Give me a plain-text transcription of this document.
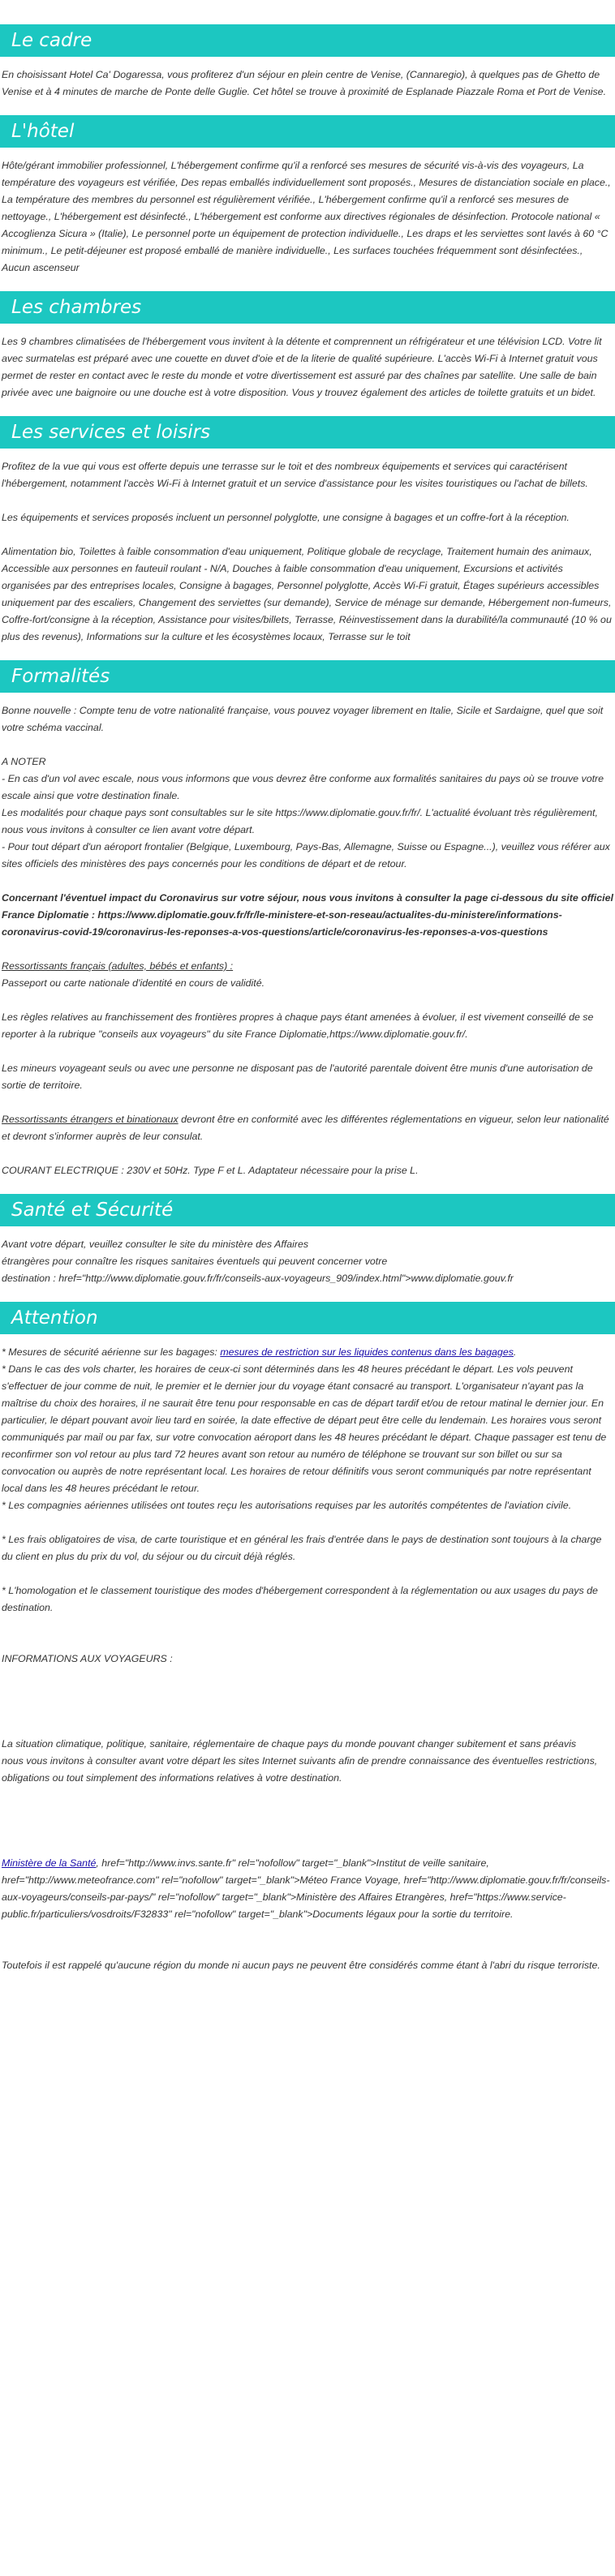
Le cadre
En choisissant Hotel Ca' Dogaressa, vous profiterez d'un séjour en plein centre de Venise, (Cannaregio), à quelques pas de Ghetto de Venise et à 4 minutes de marche de Ponte delle Guglie. Cet hôtel se trouve à proximité de Esplanade Piazzale Roma et Port de Venise.
L'hôtel
Hôte/gérant immobilier professionnel, L'hébergement confirme qu'il a renforcé ses mesures de sécurité vis-à-vis des voyageurs, La température des voyageurs est vérifiée, Des repas emballés individuellement sont proposés., Mesures de distanciation sociale en place., La température des membres du personnel est régulièrement vérifiée., L'hébergement confirme qu'il a renforcé ses mesures de nettoyage., L'hébergement est désinfecté., L'hébergement est conforme aux directives régionales de désinfection. Protocole national « Accoglienza Sicura » (Italie), Le personnel porte un équipement de protection individuelle., Les draps et les serviettes sont lavés à 60 °C minimum., Le petit-déjeuner est proposé emballé de manière individuelle., Les surfaces touchées fréquemment sont désinfectées., Aucun ascenseur
Les chambres
Les 9 chambres climatisées de l'hébergement vous invitent à la détente et comprennent un réfrigérateur et une télévision LCD. Votre lit avec surmatelas est préparé avec une couette en duvet d'oie et de la literie de qualité supérieure. L'accès Wi-Fi à Internet gratuit vous permet de rester en contact avec le reste du monde et votre divertissement est assuré par des chaînes par satellite. Une salle de bain privée avec une baignoire ou une douche est à votre disposition. Vous y trouvez également des articles de toilette gratuits et un bidet.
Les services et loisirs
Profitez de la vue qui vous est offerte depuis une terrasse sur le toit et des nombreux équipements et services qui caractérisent l'hébergement, notamment l'accès Wi-Fi à Internet gratuit et un service d'assistance pour les visites touristiques ou l'achat de billets.
Les équipements et services proposés incluent un personnel polyglotte, une consigne à bagages et un coffre-fort à la réception.
Alimentation bio, Toilettes à faible consommation d'eau uniquement, Politique globale de recyclage, Traitement humain des animaux, Accessible aux personnes en fauteuil roulant - N/A, Douches à faible consommation d'eau uniquement, Excursions et activités organisées par des entreprises locales, Consigne à bagages, Personnel polyglotte, Accès Wi-Fi gratuit, Étages supérieurs accessibles uniquement par des escaliers, Changement des serviettes (sur demande), Service de ménage sur demande, Hébergement non-fumeurs, Coffre-fort/consigne à la réception, Assistance pour visites/billets, Terrasse, Réinvestissement dans la durabilité/la communauté (10 % ou plus des revenus), Informations sur la culture et les écosystèmes locaux, Terrasse sur le toit
Formalités
Bonne nouvelle : Compte tenu de votre nationalité française, vous pouvez voyager librement en Italie, Sicile et Sardaigne, quel que soit votre schéma vaccinal.
A NOTER
- En cas d'un vol avec escale, nous vous informons que vous devrez être conforme aux formalités sanitaires du pays où se trouve votre escale ainsi que votre destination finale.
Les modalités pour chaque pays sont consultables sur le site https://www.diplomatie.gouv.fr/fr/. L'actualité évoluant très régulièrement, nous vous invitons à consulter ce lien avant votre départ.
- Pour tout départ d'un aéroport frontalier (Belgique, Luxembourg, Pays-Bas, Allemagne, Suisse ou Espagne...), veuillez vous référer aux sites officiels des ministères des pays concernés pour les conditions de départ et de retour.
Concernant l'éventuel impact du Coronavirus sur votre séjour, nous vous invitons à consulter la page ci-dessous du site officiel France Diplomatie : https://www.diplomatie.gouv.fr/fr/le-ministere-et-son-reseau/actualites-du-ministere/informations-coronavirus-covid-19/coronavirus-les-reponses-a-vos-questions/article/coronavirus-les-reponses-a-vos-questions
Ressortissants français (adultes, bébés et enfants) :
Passeport ou carte nationale d'identité en cours de validité.
Les règles relatives au franchissement des frontières propres à chaque pays étant amenées à évoluer, il est vivement conseillé de se reporter à la rubrique "conseils aux voyageurs" du site France Diplomatie,https://www.diplomatie.gouv.fr/.
Les mineurs voyageant seuls ou avec une personne ne disposant pas de l'autorité parentale doivent être munis d'une autorisation de sortie de territoire.
Ressortissants étrangers et binationaux devront être en conformité avec les différentes réglementations en vigueur, selon leur nationalité et devront s'informer auprès de leur consulat.
COURANT ELECTRIQUE : 230V et 50Hz. Type F et L. Adaptateur nécessaire pour la prise L.
Santé et Sécurité
Avant votre départ, veuillez consulter le site du ministère des Affaires
étrangères pour connaître les risques sanitaires éventuels qui peuvent concerner votre
destination : href="http://www.diplomatie.gouv.fr/fr/conseils-aux-voyageurs_909/index.html">www.diplomatie.gouv.fr
Attention
* Mesures de sécurité aérienne sur les bagages: mesures de restriction sur les liquides contenus dans les bagages.
* Dans le cas des vols charter, les horaires de ceux-ci sont déterminés dans les 48 heures précédant le départ. Les vols peuvent s'effectuer de jour comme de nuit, le premier et le dernier jour du voyage étant consacré au transport. L'organisateur n'ayant pas la maîtrise du choix des horaires, il ne saurait être tenu pour responsable en cas de départ tardif et/ou de retour matinal le dernier jour. En particulier, le départ pouvant avoir lieu tard en soirée, la date effective de départ peut être celle du lendemain. Les horaires vous seront communiqués par mail ou par fax, sur votre convocation aéroport dans les 48 heures précédant le départ. Chaque passager est tenu de reconfirmer son vol retour au plus tard 72 heures avant son retour au numéro de téléphone se trouvant sur son billet ou sur sa convocation ou auprès de notre représentant local. Les horaires de retour définitifs vous seront communiqués par notre représentant local dans les 48 heures précédant le retour.
* Les compagnies aériennes utilisées ont toutes reçu les autorisations requises par les autorités compétentes de l'aviation civile.
* Les frais obligatoires de visa, de carte touristique et en général les frais d'entrée dans le pays de destination sont toujours à la charge du client en plus du prix du vol, du séjour ou du circuit déjà réglés.
* L'homologation et le classement touristique des modes d'hébergement correspondent à la réglementation ou aux usages du pays de destination.
INFORMATIONS AUX VOYAGEURS :
La situation climatique, politique, sanitaire, réglementaire de chaque pays du monde pouvant changer subitement et sans préavis
nous vous invitons à consulter avant votre départ les sites Internet suivants afin de prendre connaissance des éventuelles restrictions, obligations ou tout simplement des informations relatives à votre destination.
Ministère de la Santé, href="http://www.invs.sante.fr" rel="nofollow" target="_blank">Institut de veille sanitaire, href="http://www.meteofrance.com" rel="nofollow" target="_blank">Méteo France Voyage, href="http://www.diplomatie.gouv.fr/fr/conseils-aux-voyageurs/conseils-par-pays/" rel="nofollow" target="_blank">Ministère des Affaires Etrangères, href="https://www.service-public.fr/particuliers/vosdroits/F32833" rel="nofollow" target="_blank">Documents légaux pour la sortie du territoire.
Toutefois il est rappelé qu'aucune région du monde ni aucun pays ne peuvent être considérés comme étant à l'abri du risque terroriste.
